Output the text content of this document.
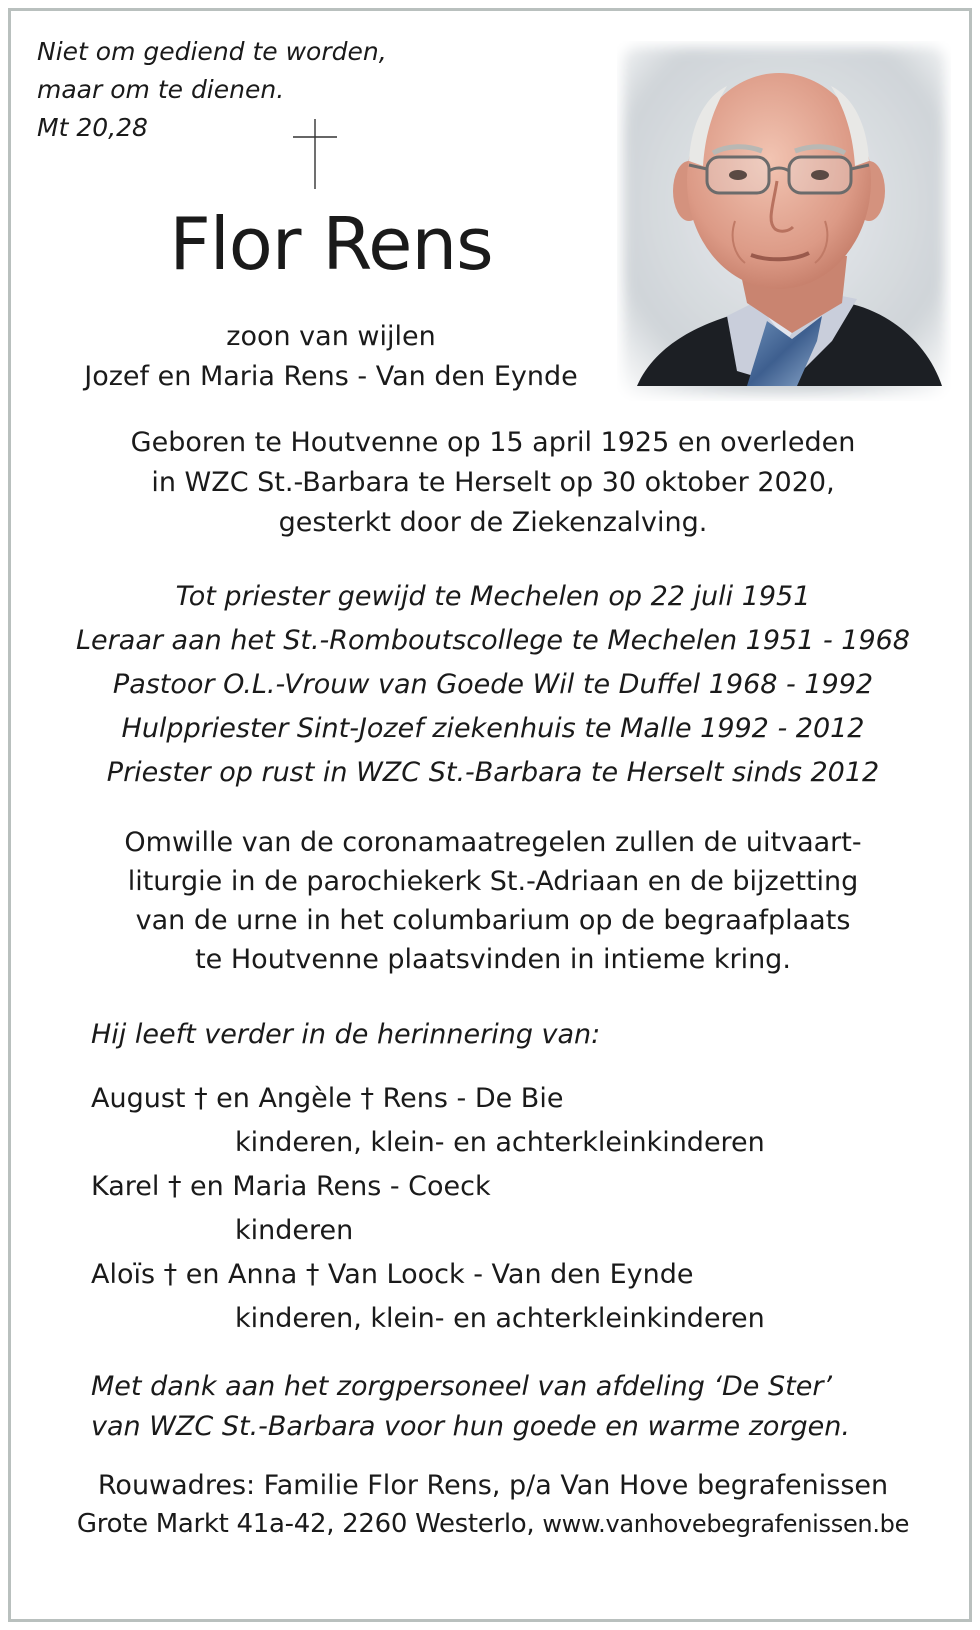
Niet om gediend te worden,
maar om te dienen.
Mt 20,28
Flor Rens
zoon van wijlen
Jozef en Maria Rens - Van den Eynde
Geboren te Houtvenne op 15 april 1925 en overleden
in WZC St.-Barbara te Herselt op 30 oktober 2020,
gesterkt door de Ziekenzalving.
Tot priester gewijd te Mechelen op 22 juli 1951
Leraar aan het St.-Romboutscollege te Mechelen 1951 - 1968
Pastoor O.L.-Vrouw van Goede Wil te Duffel 1968 - 1992
Hulppriester Sint-Jozef ziekenhuis te Malle 1992 - 2012
Priester op rust in WZC St.-Barbara te Herselt sinds 2012
Omwille van de coronamaatregelen zullen de uitvaart-
liturgie in de parochiekerk St.-Adriaan en de bijzetting
van de urne in het columbarium op de begraafplaats
te Houtvenne plaatsvinden in intieme kring.
Hij leeft verder in de herinnering van:
August † en Angèle † Rens - De Bie
kinderen, klein- en achterkleinkinderen
Karel † en Maria Rens - Coeck
kinderen
Aloïs † en Anna † Van Loock - Van den Eynde
kinderen, klein- en achterkleinkinderen
Met dank aan het zorgpersoneel van afdeling ‘De Ster’
van WZC St.-Barbara voor hun goede en warme zorgen.
Rouwadres: Familie Flor Rens, p/a Van Hove begrafenissen
Grote Markt 41a-42, 2260 Westerlo, www.vanhovebegrafenissen.be
